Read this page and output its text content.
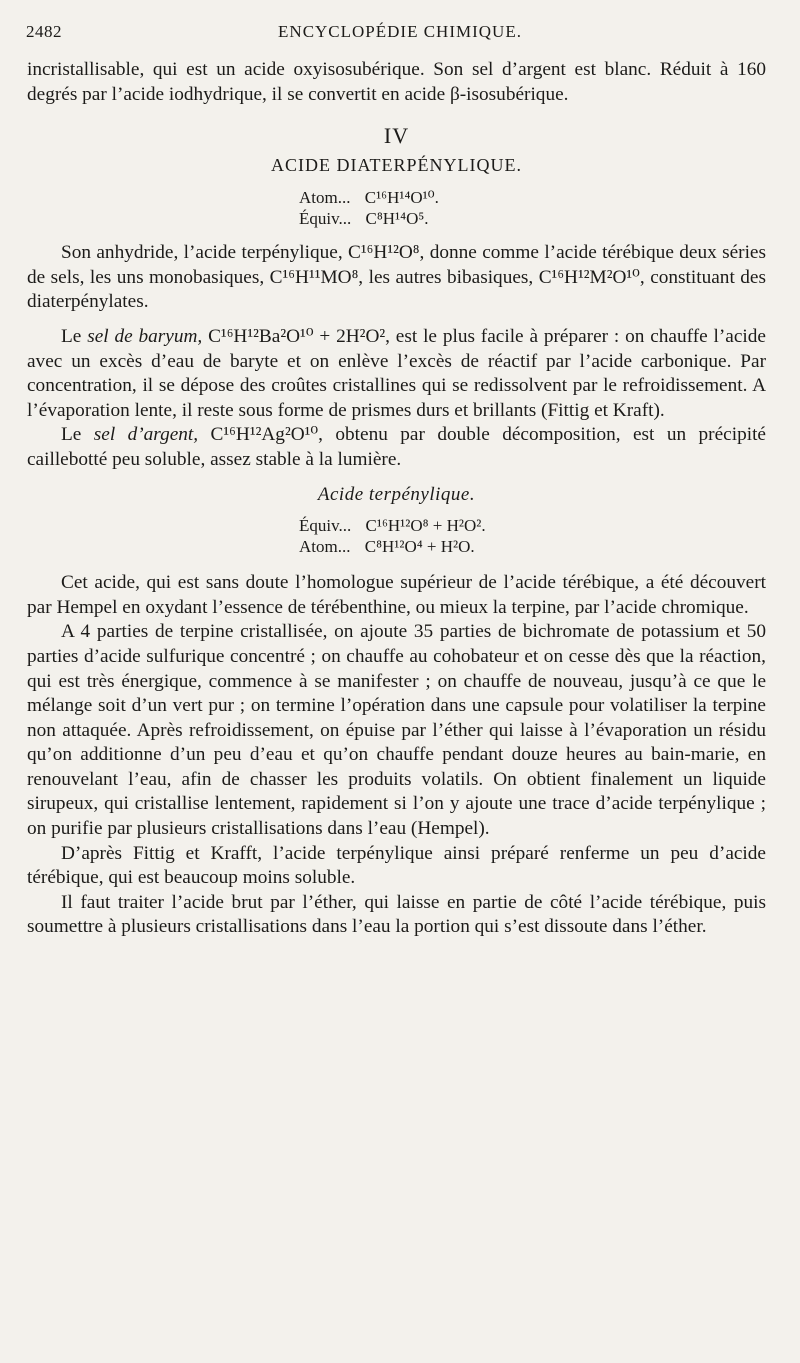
2482	ENCYCLOPÉDIE CHIMIQUE.

incristallisable, qui est un acide oxyisosubérique. Son sel d’argent est blanc. Réduit à 160 degrés par l’acide iodhydrique, il se convertit en acide β-isosubérique.

IV
ACIDE DIATERPÉNYLIQUE.
Atom... C¹⁶H¹⁴O¹⁰.
Équiv... C⁸H¹⁴O⁵.

Son anhydride, l’acide terpénylique, C¹⁶H¹²O⁸, donne comme l’acide térébique deux séries de sels, les uns monobasiques, C¹⁶H¹¹MO⁸, les autres bibasiques, C¹⁶H¹²M²O¹⁰, constituant des diaterpénylates.

Le sel de baryum, C¹⁶H¹²Ba²O¹⁰ + 2H²O², est le plus facile à préparer : on chauffe l’acide avec un excès d’eau de baryte et on enlève l’excès de réactif par l’acide carbonique. Par concentration, il se dépose des croûtes cristallines qui se redissolvent par le refroidissement. A l’évaporation lente, il reste sous forme de prismes durs et brillants (Fittig et Kraft).

Le sel d’argent, C¹⁶H¹²Ag²O¹⁰, obtenu par double décomposition, est un précipité caillebotté peu soluble, assez stable à la lumière.

Acide terpénylique.
Équiv... C¹⁶H¹²O⁸ + H²O².
Atom... C⁸H¹²O⁴ + H²O.

Cet acide, qui est sans doute l’homologue supérieur de l’acide térébique, a été découvert par Hempel en oxydant l’essence de térébenthine, ou mieux la terpine, par l’acide chromique.

A 4 parties de terpine cristallisée, on ajoute 35 parties de bichromate de potassium et 50 parties d’acide sulfurique concentré ; on chauffe au cohobateur et on cesse dès que la réaction, qui est très énergique, commence à se manifester ; on chauffe de nouveau, jusqu’à ce que le mélange soit d’un vert pur ; on termine l’opération dans une capsule pour volatiliser la terpine non attaquée. Après refroidissement, on épuise par l’éther qui laisse à l’évaporation un résidu qu’on additionne d’un peu d’eau et qu’on chauffe pendant douze heures au bain-marie, en renouvelant l’eau, afin de chasser les produits volatils. On obtient finalement un liquide sirupeux, qui cristallise lentement, rapidement si l’on y ajoute une trace d’acide terpénylique ; on purifie par plusieurs cristallisations dans l’eau (Hempel).

D’après Fittig et Krafft, l’acide terpénylique ainsi préparé renferme un peu d’acide térébique, qui est beaucoup moins soluble.

Il faut traiter l’acide brut par l’éther, qui laisse en partie de côté l’acide térébique, puis soumettre à plusieurs cristallisations dans l’eau la portion qui s’est dissoute dans l’éther.
